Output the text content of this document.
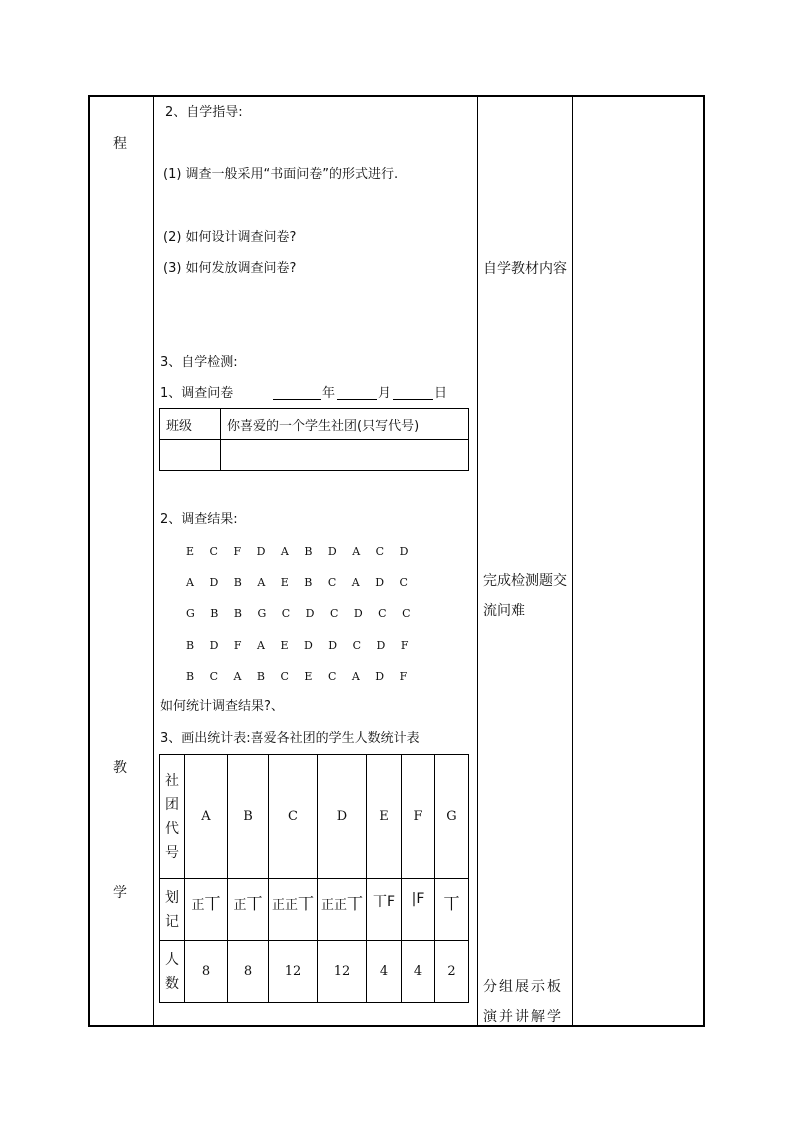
程
教
学
2、自学指导:
(1) 调查一般采用“书面问卷”的形式进行.
(2) 如何设计调查问卷?
(3) 如何发放调查问卷?
3、自学检测:
1、调查问卷	年	月	日
班级	你喜爱的一个学生社团(只写代号)

2、调查结果:
E C F D A B D A C D
A D B A E B C A D C
G B B G C D C D C C
B D F A E D D C D F
B C A B C E C A D F
如何统计调查结果?、
3、画出统计表:喜爱各社团的学生人数统计表
社
团
代
号	A	B	C	D	E	F	G

划
记	正丅	正丅	正正丅	正正丅	丅F	|F	丅

人
数	8	8	12	12	4	4	2
自学教材内容
完成检测题交流问难
分组展示板演并讲解学
